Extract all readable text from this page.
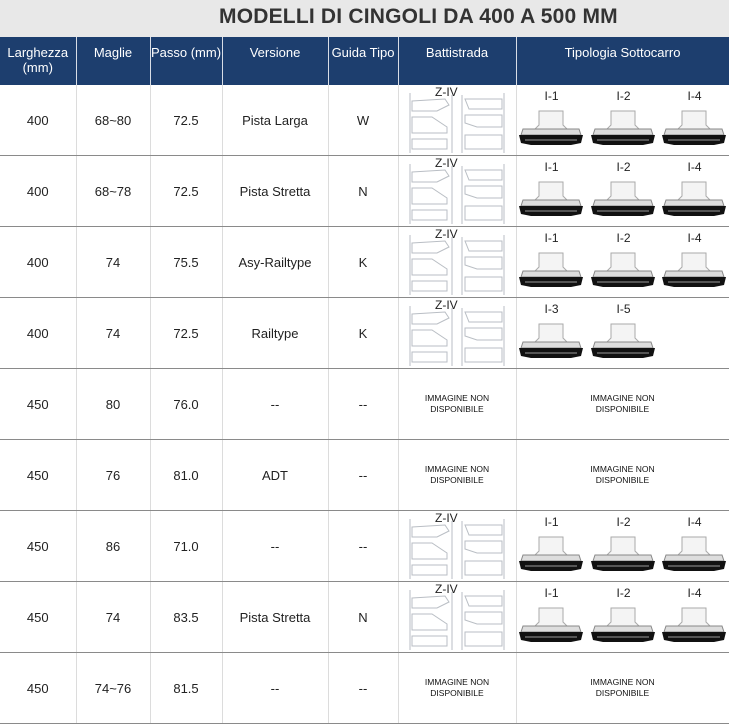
MODELLI DI CINGOLI DA 400 A 500 MM
Larghezza (mm)	Maglie	Passo (mm)	Versione	Guida Tipo	Battistrada	Tipologia Sottocarro

400	68~80	72.5	Pista Larga	W	Z-IV	I-1 I-2 I-4

400	68~78	72.5	Pista Stretta	N	Z-IV	I-1 I-2 I-4

400	74	75.5	Asy-Railtype	K	Z-IV	I-1 I-2 I-4

400	74	72.5	Railtype	K	Z-IV	I-3 I-5

450	80	76.0	--	--	IMMAGINE NON DISPONIBILE	IMMAGINE NON DISPONIBILE

450	76	81.0	ADT	--	IMMAGINE NON DISPONIBILE	IMMAGINE NON DISPONIBILE

450	86	71.0	--	--	Z-IV	I-1 I-2 I-4

450	74	83.5	Pista Stretta	N	Z-IV	I-1 I-2 I-4

450	74~76	81.5	--	--	IMMAGINE NON DISPONIBILE	IMMAGINE NON DISPONIBILE
